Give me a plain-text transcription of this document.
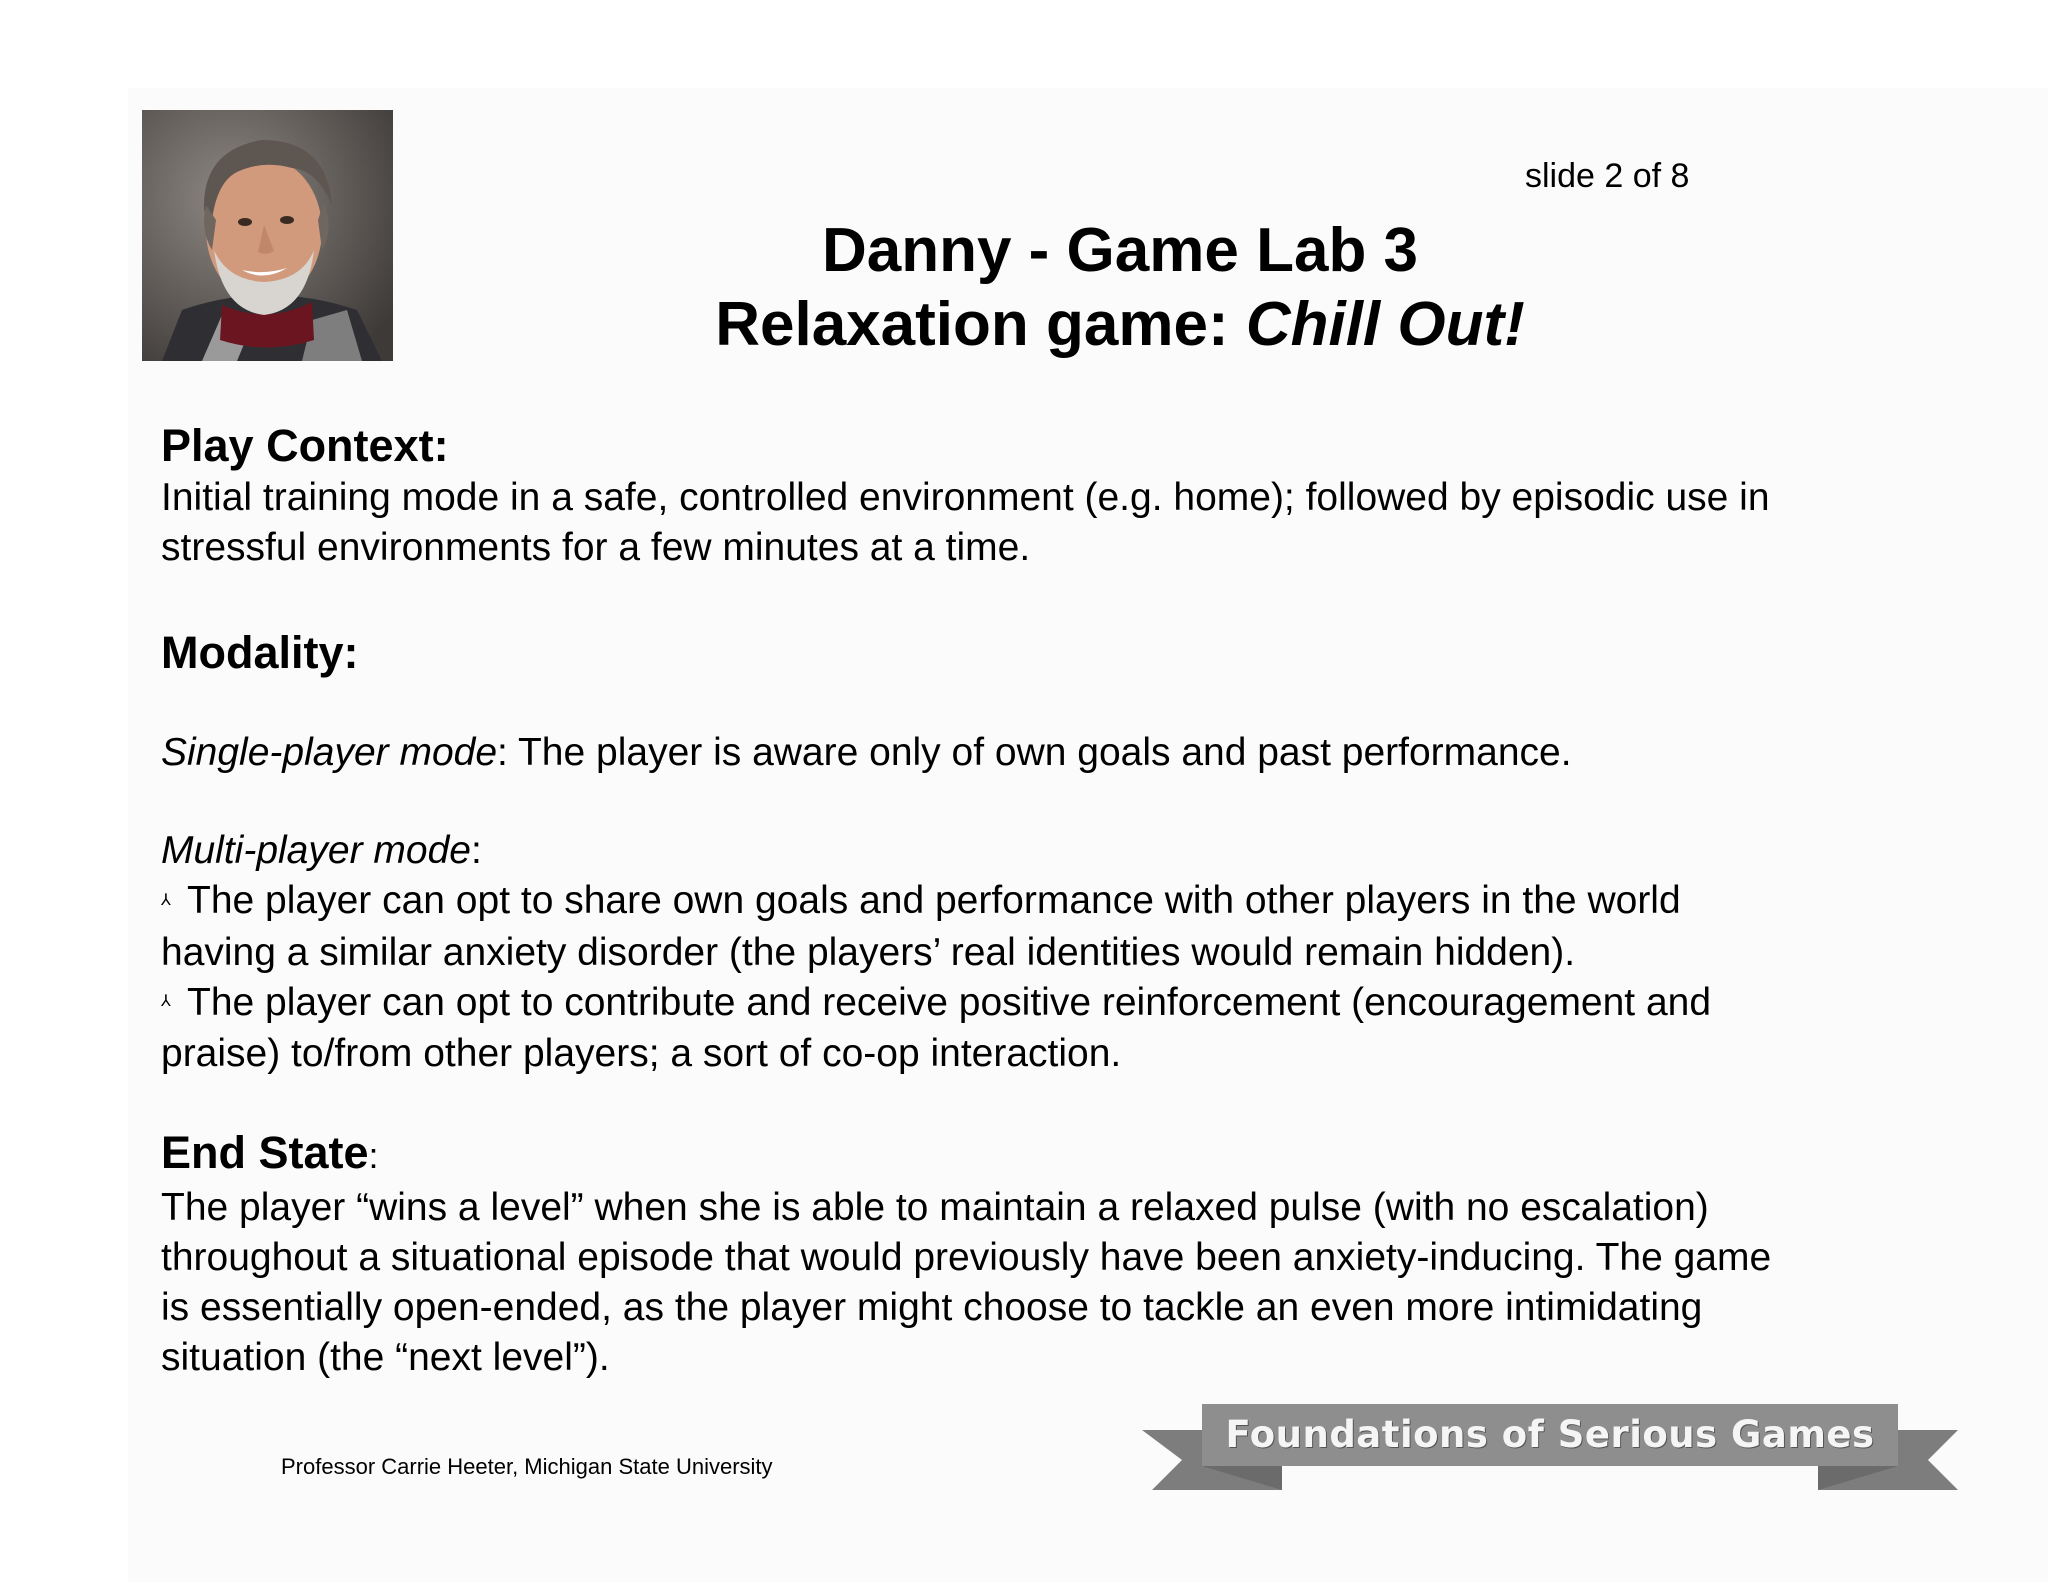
slide 2 of 8
Danny - Game Lab 3
Relaxation game: Chill Out!

Play Context:

Initial training mode in a safe, controlled environment (e.g. home); followed by episodic use in

stressful environments for a few minutes at a time.

Modality:

Single-player mode: The player is aware only of own goals and past performance.

Multi-player mode:

⅄ The player can opt to share own goals and performance with other players in the world

having a similar anxiety disorder (the players’ real identities would remain hidden).

⅄ The player can opt to contribute and receive positive reinforcement (encouragement and

praise) to/from other players; a sort of co-op interaction.

End State:

The player “wins a level” when she is able to maintain a relaxed pulse (with no escalation)

throughout a situational episode that would previously have been anxiety-inducing. The game

is essentially open-ended, as the player might choose to tackle an even more intimidating

situation (the “next level”).

Professor Carrie Heeter, Michigan State University
Foundations of Serious Games
